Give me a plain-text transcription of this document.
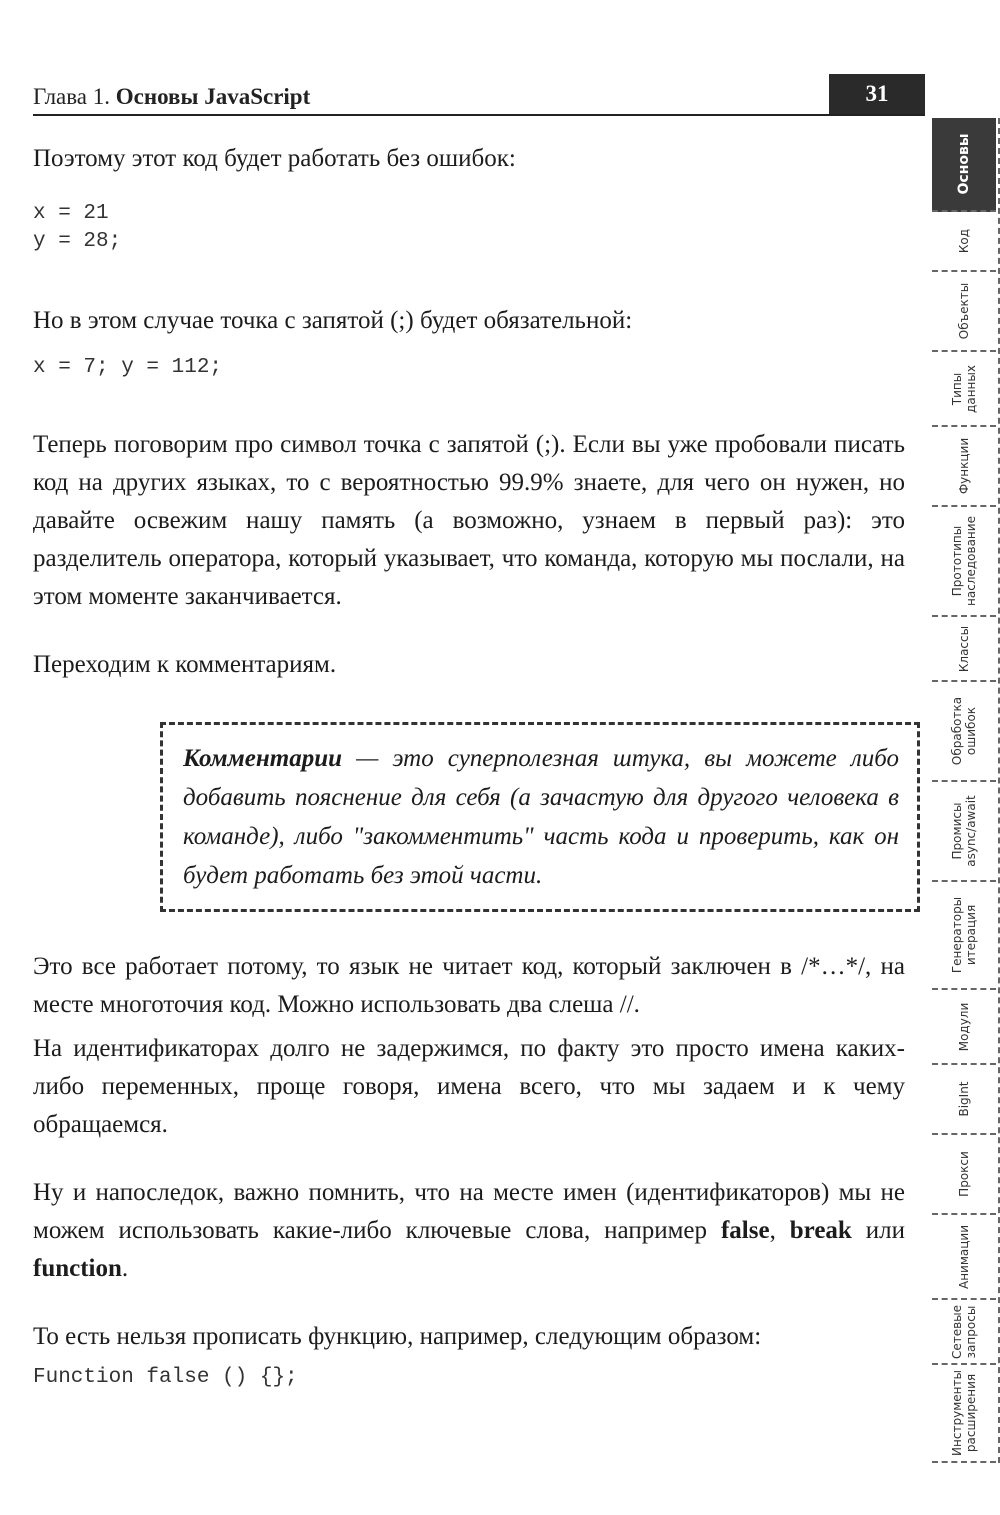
Глава 1. Основы JavaScript	31

Поэтому этот код будет работать без ошибок:

x = 21
y = 28;

Но в этом случае точка с запятой (;) будет обязательной:

x = 7; y = 112;

Теперь поговорим про символ точка с запятой (;). Если вы уже пробовали писать код на других языках, то с вероятностью 99.9% знаете, для чего он нужен, но давайте освежим нашу память (а возможно, узнаем в первый раз): это разделитель оператора, который указывает, что команда, которую мы послали, на этом моменте заканчивается.

Переходим к комментариям.

Комментарии — это суперполезная штука, вы можете либо добавить пояснение для себя (а зачастую для другого человека в команде), либо "закомментить" часть кода и проверить, как он будет работать без этой части.

Это все работает потому, то язык не читает код, который заключен в /*…*/, на месте многоточия код. Можно использовать два слеша //.

На идентификаторах долго не задержимся, по факту это просто имена каких-либо переменных, проще говоря, имена всего, что мы задаем и к чему обращаемся.

Ну и напоследок, важно помнить, что на месте имен (идентификаторов) мы не можем использовать какие-либо ключевые слова, например false, break или function.

То есть нельзя прописать функцию, например, следующим образом:

Function false () {};
Основы
Код
Объекты
Типы
данных
Функции
Прототипы
наследование
Классы
Обработка
ошибок
Промисы
async/await
Генераторы
итерация
Модули
BigInt
Прокси
Анимации
Сетевые
запросы
Инструменты
расширения
